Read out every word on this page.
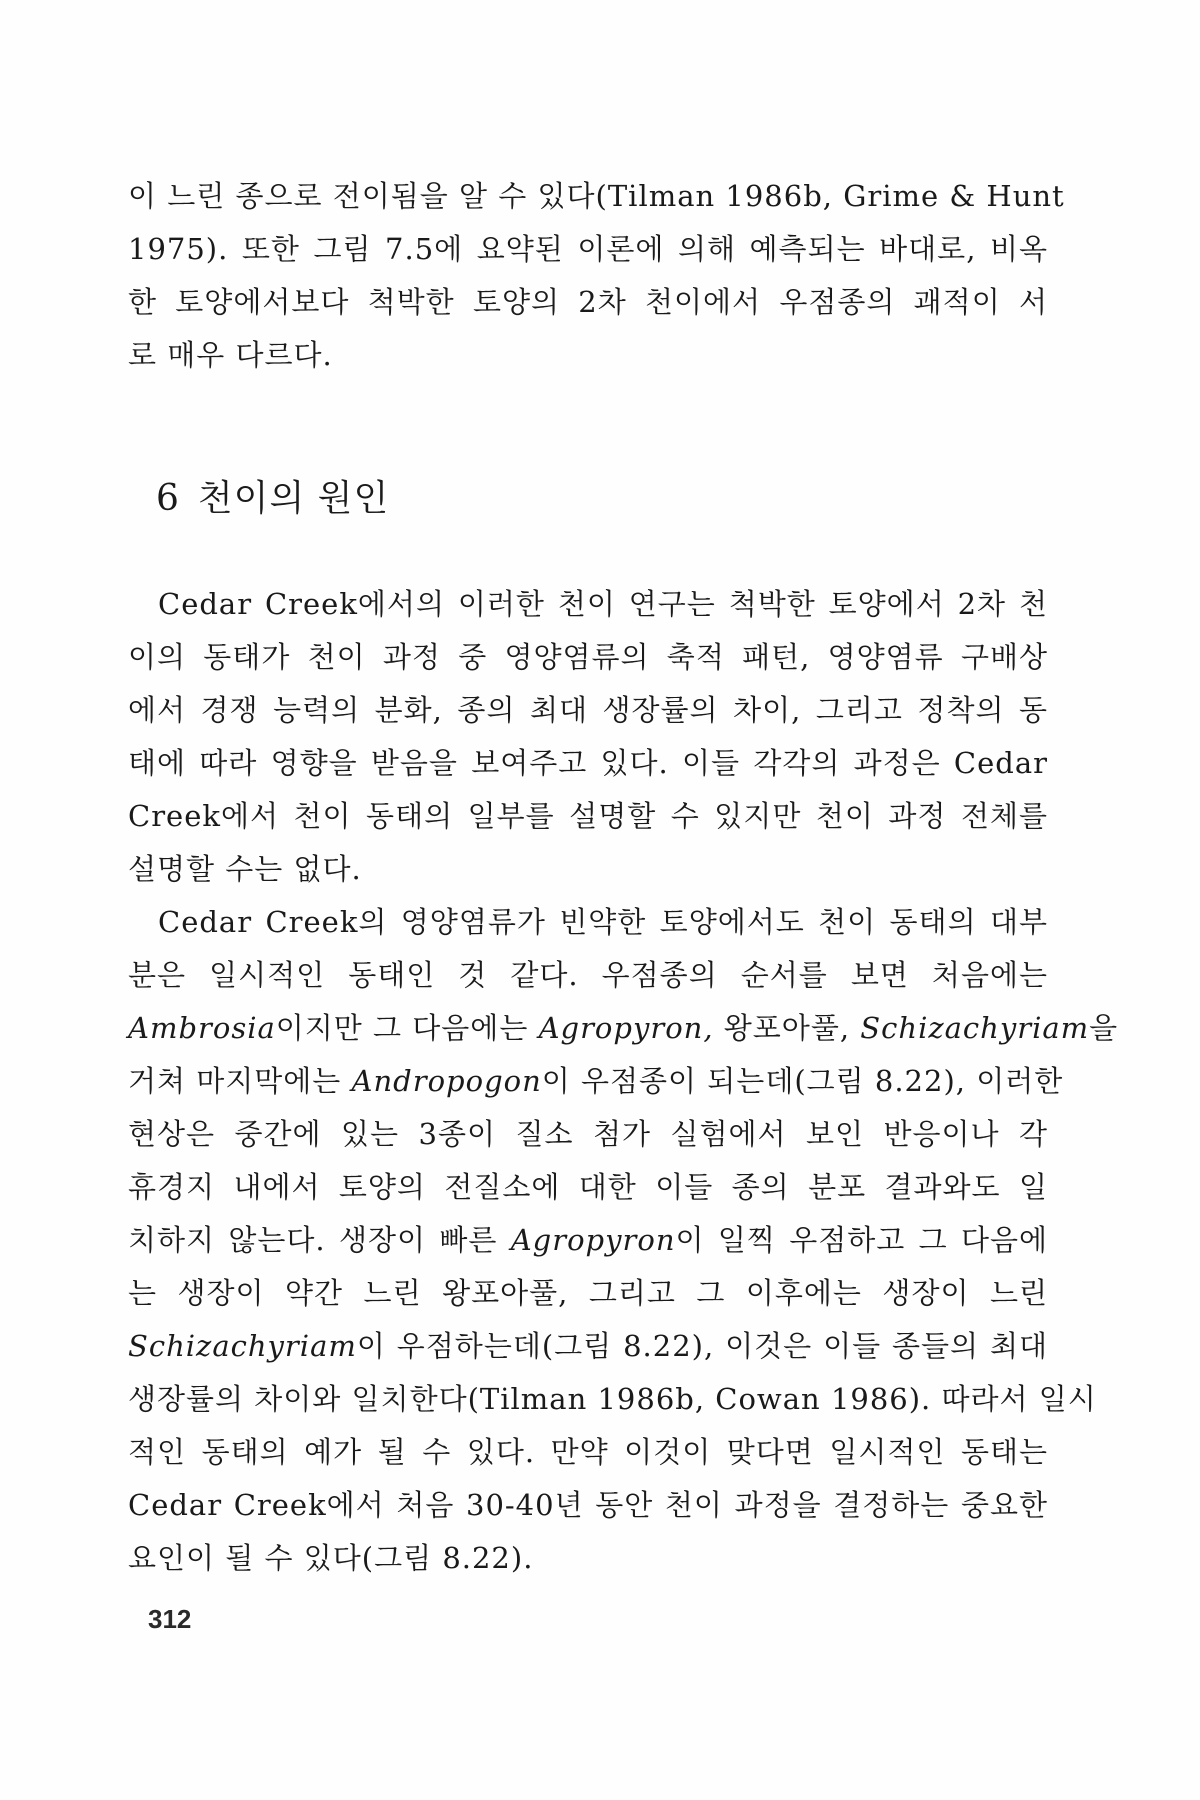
이 느린 종으로 전이됨을 알 수 있다(Tilman 1986b, Grime & Hunt
1975). 또한 그림 7.5에 요약된 이론에 의해 예측되는 바대로, 비옥
한 토양에서보다 척박한 토양의 2차 천이에서 우점종의 괘적이 서
로 매우 다르다.
6 천이의 원인
Cedar Creek에서의 이러한 천이 연구는 척박한 토양에서 2차 천
이의 동태가 천이 과정 중 영양염류의 축적 패턴, 영양염류 구배상
에서 경쟁 능력의 분화, 종의 최대 생장률의 차이, 그리고 정착의 동
태에 따라 영향을 받음을 보여주고 있다. 이들 각각의 과정은 Cedar
Creek에서 천이 동태의 일부를 설명할 수 있지만 천이 과정 전체를
설명할 수는 없다.
Cedar Creek의 영양염류가 빈약한 토양에서도 천이 동태의 대부
분은 일시적인 동태인 것 같다. 우점종의 순서를 보면 처음에는
Ambrosia이지만 그 다음에는 Agropyron, 왕포아풀, Schizachyriam을
거쳐 마지막에는 Andropogon이 우점종이 되는데(그림 8.22), 이러한
현상은 중간에 있는 3종이 질소 첨가 실험에서 보인 반응이나 각
휴경지 내에서 토양의 전질소에 대한 이들 종의 분포 결과와도 일
치하지 않는다. 생장이 빠른 Agropyron이 일찍 우점하고 그 다음에
는 생장이 약간 느린 왕포아풀, 그리고 그 이후에는 생장이 느린
Schizachyriam이 우점하는데(그림 8.22), 이것은 이들 종들의 최대
생장률의 차이와 일치한다(Tilman 1986b, Cowan 1986). 따라서 일시
적인 동태의 예가 될 수 있다. 만약 이것이 맞다면 일시적인 동태는
Cedar Creek에서 처음 30-40년 동안 천이 과정을 결정하는 중요한
요인이 될 수 있다(그림 8.22).
312
